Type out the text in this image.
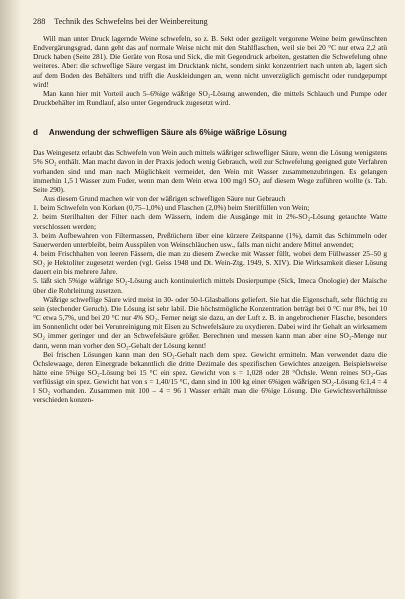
288 Technik des Schwefelns bei der Weinbereitung

Will man unter Druck lagernde Weine schwefeln, so z. B. Sekt oder gezügelt vergorene Weine beim gewünschten Endvergärungsgrad, dann geht das auf normale Weise nicht mit den Stahlflaschen, weil sie bei 20 °C nur etwa 2,2 atü Druck haben (Seite 281). Die Geräte von Rosa und Sick, die mit Gegendruck arbeiten, gestatten die Schwefelung ohne weiteres. Aber: die schweflige Säure vergast im Drucktank nicht, sondern sinkt konzentriert nach unten ab, lagert sich auf dem Boden des Behälters und trifft die Auskleidungen an, wenn nicht unverzüglich gemischt oder rundgepumpt wird!

Man kann hier mit Vorteil auch 5–6%ige wäßrige SO₂-Lösung anwenden, die mittels Schlauch und Pumpe oder Druckbehälter im Rundlauf, also unter Gegendruck zugesetzt wird.

d Anwendung der schwefligen Säure als 6%ige wäßrige Lösung

Das Weingesetz erlaubt das Schwefeln von Wein auch mittels wäßriger schwefliger Säure, wenn die Lösung wenigstens 5% SO₂ enthält. Man macht davon in der Praxis jedoch wenig Gebrauch, weil zur Schwefelung geeigned gute Verfahren vorhanden sind und man nach Möglichkeit vermeidet, den Wein mit Wasser zusammenzubringen. Es gelangen immerhin 1,5 l Wasser zum Fuder, wenn man dem Wein etwa 100 mg/l SO₂ auf diesem Wege zuführen wollte (s. Tab. Seite 290).

Aus diesem Grund machen wir von der wäßrigen schwefligen Säure nur Gebrauch

1. beim Schwefeln von Korken (0,75–1,0%) und Flaschen (2,0%) beim Sterilfüllen von Wein;

2. beim Sterilhalten der Filter nach dem Wässern, indem die Ausgänge mit in 2%-SO₂-Lösung getauchte Watte verschlossen werden;

3. beim Aufbewahren von Filtermassen, Preßtüchern über eine kürzere Zeitspanne (1%), damit das Schimmeln oder Sauerwerden unterbleibt, beim Ausspülen von Weinschläuchen usw., falls man nicht andere Mittel anwendet;

4. beim Frischhalten von leeren Fässern, die man zu diesem Zwecke mit Wasser füllt, wobei dem Füllwasser 25–50 g SO₂ je Hektoliter zugesetzt werden (vgl. Geiss 1948 und Dt. Wein-Ztg. 1949, S. XIV). Die Wirksamkeit dieser Lösung dauert ein bis mehrere Jahre.

5. läßt sich 5%ige wäßrige SO₂-Lösung auch kontinuierlich mittels Dosierpumpe (Sick, Imeca Önologie) der Maische über die Rohrleitung zusetzen.

Wäßrige schweflige Säure wird meist in 30- oder 50-l-Glasballons geliefert. Sie hat die Eigenschaft, sehr flüchtig zu sein (stechender Geruch). Die Lösung ist sehr labil. Die höchstmögliche Konzentration beträgt bei 0 °C nur 8%, bei 10 °C etwa 5,7%, und bei 20 °C nur 4% SO₂. Ferner neigt sie dazu, an der Luft z. B. in angebrochener Flasche, besonders im Sonnenlicht oder bei Verunreinigung mit Eisen zu Schwefelsäure zu oxydieren. Dabei wird ihr Gehalt an wirksamem SO₂ immer geringer und der an Schwefelsäure größer. Berechnen und messen kann man aber eine SO₂-Menge nur dann, wenn man vorher den SO₂-Gehalt der Lösung kennt!

Bei frischen Lösungen kann man den SO₂-Gehalt nach dem spez. Gewicht ermitteln. Man verwendet dazu die Öchslewaage, deren Einergrade bekanntlich die dritte Dezimale des spezifischen Gewichtes anzeigen. Beispielsweise hätte eine 5%ige SO₂-Lösung bei 15 °C ein spez. Gewicht von s = 1,028 oder 28 °Öchsle. Wenn reines SO₂-Gas verflüssigt ein spez. Gewicht hat von s = 1,40/15 °C, dann sind in 100 kg einer 6%igen wäßrigen SO₂-Lösung 6:1,4 = 4 l SO₂ vorhanden. Zusammen mit 100 – 4 = 96 l Wasser erhält man die 6%ige Lösung. Die Gewichtsverhältnisse verschieden konzen-
